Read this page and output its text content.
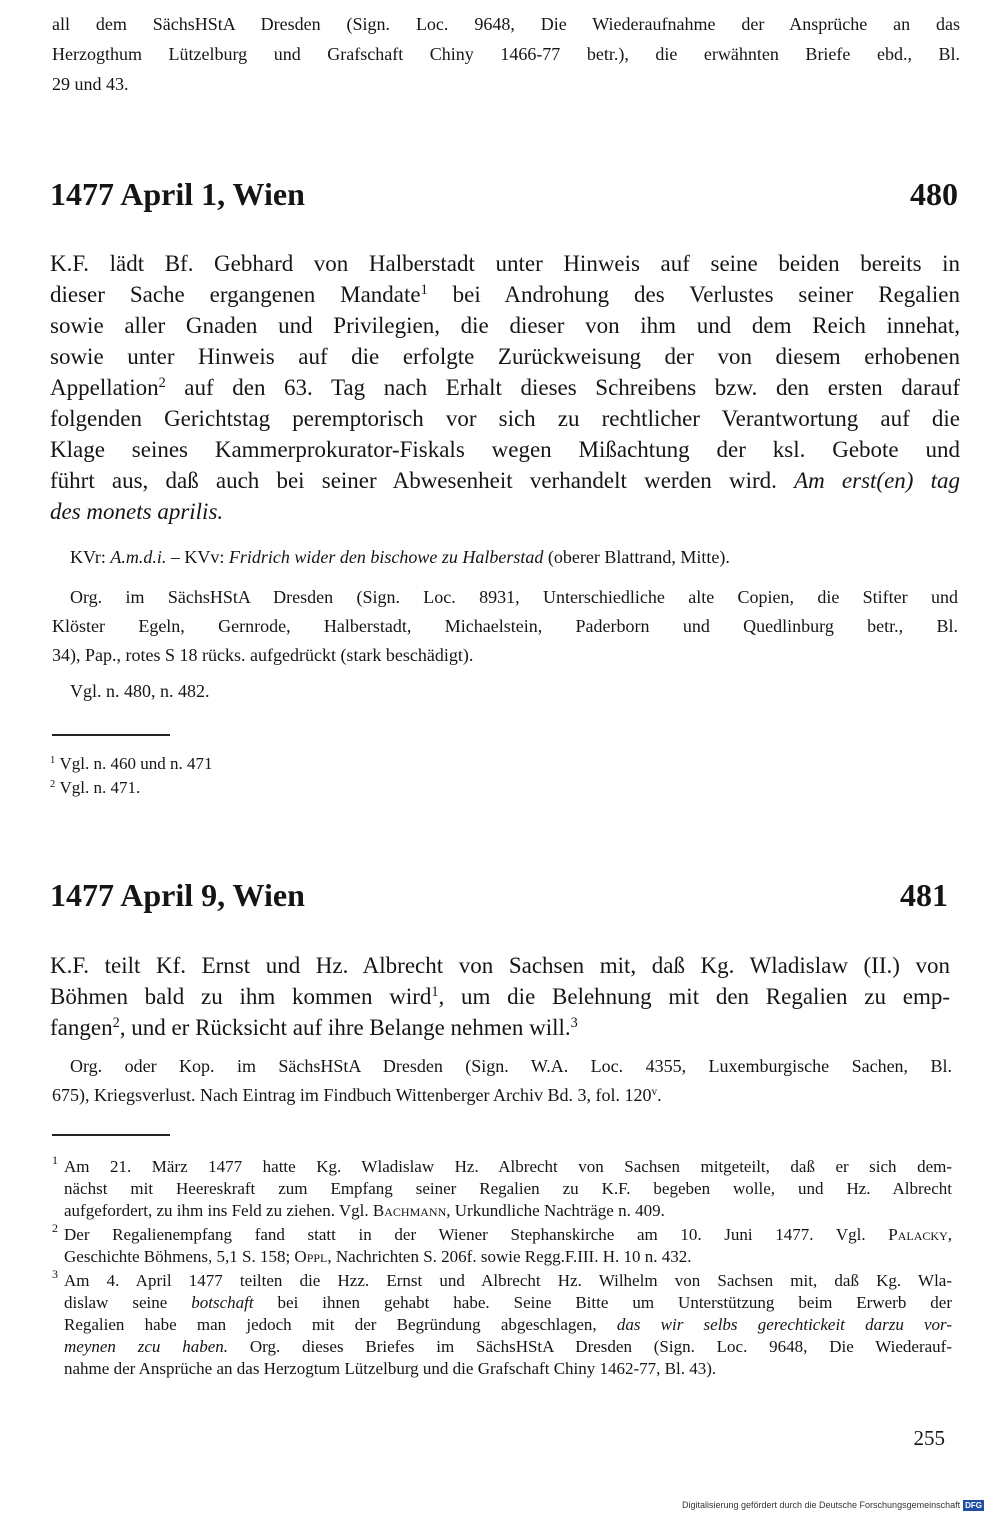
all dem SächsHStA Dresden (Sign. Loc. 9648, Die Wiederaufnahme der Ansprüche an das
Herzogthum Lützelburg und Grafschaft Chiny 1466-77 betr.), die erwähnten Briefe ebd., Bl.
29 und 43.
1477 April 1, Wien	480
K.F. lädt Bf. Gebhard von Halberstadt unter Hinweis auf seine beiden bereits in
dieser Sache ergangenen Mandate$^1$ bei Androhung des Verlustes seiner Regalien
sowie aller Gnaden und Privilegien, die dieser von ihm und dem Reich innehat,
sowie unter Hinweis auf die erfolgte Zurückweisung der von diesem erhobenen
Appellation$^2$ auf den 63. Tag nach Erhalt dieses Schreibens bzw. den ersten darauf
folgenden Gerichtstag peremptorisch vor sich zu rechtlicher Verantwortung auf die
Klage seines Kammerprokurator-Fiskals wegen Mißachtung der ksl. Gebote und
führt aus, daß auch bei seiner Abwesenheit verhandelt werden wird. Am erst(en) tag
des monets aprilis.
KVr: A.m.d.i. – KVv: Fridrich wider den bischowe zu Halberstad (oberer Blattrand, Mitte).
Org. im SächsHStA Dresden (Sign. Loc. 8931, Unterschiedliche alte Copien, die Stifter und
Klöster Egeln, Gernrode, Halberstadt, Michaelstein, Paderborn und Quedlinburg betr., Bl.
34), Pap., rotes S 18 rücks. aufgedrückt (stark beschädigt).
Vgl. n. 480, n. 482.
$^1$ Vgl. n. 460 und n. 471
$^2$ Vgl. n. 471.
1477 April 9, Wien	481
K.F. teilt Kf. Ernst und Hz. Albrecht von Sachsen mit, daß Kg. Wladislaw (II.) von
Böhmen bald zu ihm kommen wird$^1$, um die Belehnung mit den Regalien zu emp-
fangen$^2$, und er Rücksicht auf ihre Belange nehmen will.$^3$
Org. oder Kop. im SächsHStA Dresden (Sign. W.A. Loc. 4355, Luxemburgische Sachen, Bl.
675), Kriegsverlust. Nach Eintrag im Findbuch Wittenberger Archiv Bd. 3, fol. 120$^v$.
1 Am 21. März 1477 hatte Kg. Wladislaw Hz. Albrecht von Sachsen mitgeteilt, daß er sich dem-
nächst mit Heereskraft zum Empfang seiner Regalien zu K.F. begeben wolle, und Hz. Albrecht
aufgefordert, zu ihm ins Feld zu ziehen. Vgl. Bachmann, Urkundliche Nachträge n. 409.
2 Der Regalienempfang fand statt in der Wiener Stephanskirche am 10. Juni 1477. Vgl. Palacky,
Geschichte Böhmens, 5,1 S. 158; Oppl, Nachrichten S. 206f. sowie Regg.F.III. H. 10 n. 432.
3 Am 4. April 1477 teilten die Hzz. Ernst und Albrecht Hz. Wilhelm von Sachsen mit, daß Kg. Wla-
dislaw seine botschaft bei ihnen gehabt habe. Seine Bitte um Unterstützung beim Erwerb der
Regalien habe man jedoch mit der Begründung abgeschlagen, das wir selbs gerechtickeit darzu vor-
meynen zcu haben. Org. dieses Briefes im SächsHStA Dresden (Sign. Loc. 9648, Die Wiederauf-
nahme der Ansprüche an das Herzogtum Lützelburg und die Grafschaft Chiny 1462-77, Bl. 43).
255
Digitalisierung gefördert durch die Deutsche Forschungsgemeinschaft DFG
